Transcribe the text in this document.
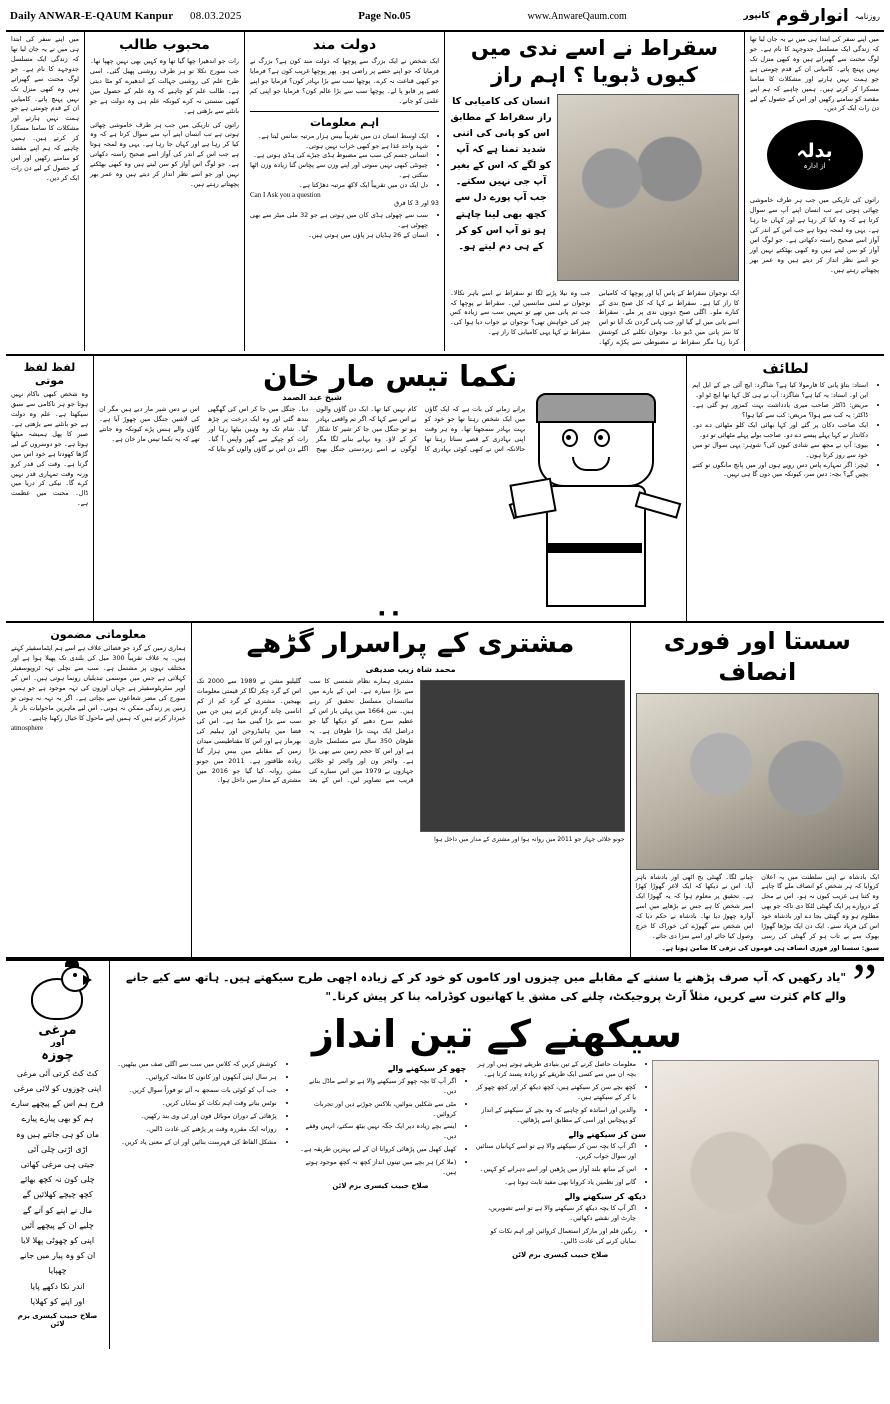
Daily ANWAR-E-QAUM Kanpur 08.03.2025	Page No.05	www.AnwareQaum.com	روزنامہ
انوارقوم
کانپور
میں اپنے سفر کی ابتدا ہی میں نے یہ جان لیا تھا کہ زندگی ایک مسلسل جدوجہد کا نام ہے۔ جو لوگ محنت سے گھبراتے ہیں وہ کبھی منزل تک نہیں پہنچ پاتے۔ کامیابی ان کے قدم چومتی ہے جو ہمت نہیں ہارتے اور مشکلات کا سامنا مسکرا کر کرتے ہیں۔ ہمیں چاہیے کہ ہم اپنے مقصد کو سامنے رکھیں اور اس کے حصول کے لیے دن رات ایک کر دیں۔
بدلہ
از ادارہ
راتوں کی تاریکی میں جب ہر طرف خاموشی چھائی ہوتی ہے تب انسان اپنے آپ سے سوال کرتا ہے کہ وہ کیا کر رہا ہے اور کہاں جا رہا ہے۔ یہی وہ لمحہ ہوتا ہے جب اس کے اندر کی آواز اسے صحیح راستہ دکھاتی ہے۔ جو لوگ اس آواز کو سن لیتے ہیں وہ کبھی بھٹکتے نہیں اور جو اسے نظر انداز کر دیتے ہیں وہ عمر بھر پچھتاتے رہتے ہیں۔
سقراط نے اسے ندی میں کیوں ڈبویا ؟ اہم راز
انسان کی کامیابی کا راز سقراط کے مطابق اس کو پانی کی اتنی شدید تمنا ہے کہ آپ کو لگے کہ اس کے بغیر آپ جی نہیں سکتے۔ جب آپ پورے دل سے کچھ بھی لینا چاہتے ہو تو آپ اس کو کر کے ہی دم لیتے ہو۔
ایک نوجوان سقراط کے پاس آیا اور پوچھا کہ کامیابی کا راز کیا ہے۔ سقراط نے کہا کہ کل صبح ندی کے کنارے ملو۔ اگلی صبح دونوں ندی پر ملے۔ سقراط اسے پانی میں لے گیا اور جب پانی گردن تک آیا تو اس کا سر پانی میں ڈبو دیا۔ نوجوان نکلنے کی کوشش کرتا رہا مگر سقراط نے مضبوطی سے پکڑے رکھا۔ جب وہ نیلا پڑنے لگا تو سقراط نے اسے باہر نکالا۔ نوجوان نے لمبی سانسیں لیں۔ سقراط نے پوچھا کہ جب تم پانی میں تھے تو تمہیں سب سے زیادہ کس چیز کی خواہش تھی؟ نوجوان نے جواب دیا ہوا کی۔ سقراط نے کہا یہی کامیابی کا راز ہے۔
دولت مند
ایک شخص نے ایک بزرگ سے پوچھا کہ دولت مند کون ہے؟ بزرگ نے فرمایا کہ جو اپنے حصے پر راضی ہو۔ پھر پوچھا غریب کون ہے؟ فرمایا جو کبھی قناعت نہ کرے۔ پوچھا سب سے بڑا بہادر کون؟ فرمایا جو اپنے غصے پر قابو پا لے۔ پوچھا سب سے بڑا عالم کون؟ فرمایا جو اپنی کم علمی کو جانے۔
اہم معلومات
• ایک اوسط انسان دن میں تقریباً بیس ہزار مرتبہ سانس لیتا ہے۔
• شہد واحد غذا ہے جو کبھی خراب نہیں ہوتی۔
• انسانی جسم کی سب سے مضبوط ہڈی جبڑے کی ہڈی ہوتی ہے۔
• چیونٹی کبھی نہیں سوتی اور اپنے وزن سے پچاس گنا زیادہ وزن اٹھا سکتی ہے۔
• دل ایک دن میں تقریباً ایک لاکھ مرتبہ دھڑکتا ہے۔
Can I Ask you a question
93 اور 3 کا فرق
• سب سے چھوٹی ہڈی کان میں ہوتی ہے جو 32 ملی میٹر سے بھی چھوٹی ہے۔
• انسان کے 26 ہڈیاں ہر پاؤں میں ہوتی ہیں۔
محبوب طالب
رات جو اندھیرا چھا گیا تھا وہ کہیں بھی نہیں چھپا تھا۔ جب سورج نکلا تو ہر طرف روشنی پھیل گئی۔ اسی طرح علم کی روشنی جہالت کے اندھیرے کو مٹا دیتی ہے۔ طالب علم کو چاہیے کہ وہ علم کے حصول میں کبھی سستی نہ کرے کیونکہ علم ہی وہ دولت ہے جو بانٹنے سے بڑھتی ہے۔
راتوں کی تاریکی میں جب ہر طرف خاموشی چھائی ہوتی ہے تب انسان اپنے آپ سے سوال کرتا ہے کہ وہ کیا کر رہا ہے اور کہاں جا رہا ہے۔ یہی وہ لمحہ ہوتا ہے جب اس کے اندر کی آواز اسے صحیح راستہ دکھاتی ہے۔ جو لوگ اس آواز کو سن لیتے ہیں وہ کبھی بھٹکتے نہیں اور جو اسے نظر انداز کر دیتے ہیں وہ عمر بھر پچھتاتے رہتے ہیں۔
میں اپنے سفر کی ابتدا ہی میں نے یہ جان لیا تھا کہ زندگی ایک مسلسل جدوجہد کا نام ہے۔ جو لوگ محنت سے گھبراتے ہیں وہ کبھی منزل تک نہیں پہنچ پاتے۔ کامیابی ان کے قدم چومتی ہے جو ہمت نہیں ہارتے اور مشکلات کا سامنا مسکرا کر کرتے ہیں۔ ہمیں چاہیے کہ ہم اپنے مقصد کو سامنے رکھیں اور اس کے حصول کے لیے دن رات ایک کر دیں۔
لطائف
• استاد: بتاؤ پانی کا فارمولا کیا ہے؟ شاگرد: ایچ آئی جے کے ایل ایم این او۔ استاد: یہ کیا ہے؟ شاگرد: آپ نے ہی کل کہا تھا ایچ ٹو او۔
• مریض: ڈاکٹر صاحب میری یادداشت بہت کمزور ہو گئی ہے۔ ڈاکٹر: یہ کب سے ہوا؟ مریض: کب سے کیا ہوا؟
• ایک صاحب دکان پر گئے اور کہا بھائی ایک کلو مٹھائی دے دو۔ دکاندار نے کہا پہلے پیسے دے دو۔ صاحب بولے پہلے مٹھائی تو دو۔
• بیوی: آپ نے مجھ سے شادی کیوں کی؟ شوہر: یہی سوال تو میں خود سے روز کرتا ہوں۔
• ٹیچر: اگر تمہارے پاس دس روپے ہوں اور میں پانچ مانگوں تو کتنے بچیں گے؟ بچہ: دس سر، کیونکہ میں دوں گا ہی نہیں۔
نکما تیس مار خان
شیخ عبد الصمد
پرانے زمانے کی بات ہے کہ ایک گاؤں میں ایک شخص رہتا تھا جو خود کو بہت بہادر سمجھتا تھا۔ وہ ہر وقت اپنی بہادری کے قصے سناتا رہتا تھا حالانکہ اس نے کبھی کوئی بہادری کا کام نہیں کیا تھا۔ ایک دن گاؤں والوں نے اس سے کہا کہ اگر تم واقعی بہادر ہو تو جنگل میں جا کر شیر کا شکار کر کے لاؤ۔ وہ بہانے بنانے لگا مگر لوگوں نے اسے زبردستی جنگل بھیج دیا۔ جنگل میں جا کر اس کی گھگھی بندھ گئی اور وہ ایک درخت پر چڑھ گیا۔ شام تک وہ وہیں بیٹھا رہا اور رات کو چپکے سے گھر واپس آ گیا۔ اگلے دن اس نے گاؤں والوں کو بتایا کہ اس نے دس شیر مار دیے ہیں مگر ان کی لاشیں جنگل میں چھوڑ آیا ہے۔ گاؤں والے ہنس پڑے کیونکہ وہ جانتے تھے کہ یہ نکما تیس مار خان ہے۔
■ ■
لفظ لفظ موتی
وہ شخص کبھی ناکام نہیں ہوتا جو ہر ناکامی سے سبق سیکھتا ہے۔ علم وہ دولت ہے جو بانٹنے سے بڑھتی ہے۔ صبر کا پھل ہمیشہ میٹھا ہوتا ہے۔ جو دوسروں کے لیے گڑھا کھودتا ہے خود اس میں گرتا ہے۔ وقت کی قدر کرو ورنہ وقت تمہاری قدر نہیں کرے گا۔ نیکی کر دریا میں ڈال۔ محنت میں عظمت ہے۔
سستا اور فوری انصاف
ایک بادشاہ نے اپنی سلطنت میں یہ اعلان کروایا کہ ہر شخص کو انصاف ملے گا چاہے وہ کتنا ہی غریب کیوں نہ ہو۔ اس نے محل کے دروازے پر ایک گھنٹی لٹکا دی تاکہ جو بھی مظلوم ہو وہ گھنٹی بجا دے اور بادشاہ خود اس کی فریاد سنے۔ ایک دن ایک بوڑھا گھوڑا بھوک سے بے تاب ہو کر گھنٹی کی رسی چبانے لگا۔ گھنٹی بج اٹھی اور بادشاہ باہر آیا۔ اس نے دیکھا کہ ایک لاغر گھوڑا کھڑا ہے۔ تحقیق پر معلوم ہوا کہ یہ گھوڑا ایک امیر شخص کا ہے جس نے بڑھاپے میں اسے آوارہ چھوڑ دیا تھا۔ بادشاہ نے حکم دیا کہ اس شخص سے گھوڑے کی خوراک کا خرچ وصول کیا جائے اور اسے سزا دی جائے۔
سبق: سستا اور فوری انصاف ہی قوموں کی ترقی کا ضامن ہوتا ہے۔
مشتری کے پراسرار گڑھے
محمد شاہ زیب صدیقی
جونو خلائی جہاز جو 2011 میں روانہ ہوا اور مشتری کے مدار میں داخل ہوا
مشتری ہمارے نظام شمسی کا سب سے بڑا سیارہ ہے۔ اس کے بارے میں سائنسدان مسلسل تحقیق کر رہے ہیں۔ سن 1664 میں پہلی بار اس کے عظیم سرخ دھبے کو دیکھا گیا جو دراصل ایک بہت بڑا طوفان ہے۔ یہ طوفان 350 سال سے مسلسل جاری ہے اور اس کا حجم زمین سے بھی بڑا ہے۔ وائجر ون اور وائجر ٹو خلائی جہازوں نے 1979 میں اس سیارے کی قریب سے تصاویر لیں۔ اس کے بعد گلیلیو مشن نے 1989 سے 2000 تک اس کے گرد چکر لگا کر قیمتی معلومات بھیجیں۔ مشتری کے گرد کم از کم اناسی چاند گردش کرتے ہیں جن میں سب سے بڑا گینی میڈ ہے۔ اس کی فضا میں ہائیڈروجن اور ہیلیم کی بھرمار ہے اور اس کا مقناطیسی میدان زمین کے مقابلے میں بیس ہزار گنا زیادہ طاقتور ہے۔ 2011 میں جونو مشن روانہ کیا گیا جو 2016 میں مشتری کے مدار میں داخل ہوا۔
معلوماتی مضمون
ہماری زمین کے گرد جو فضائی غلاف ہے اسے ہم ایٹماسفیئر کہتے ہیں۔ یہ غلاف تقریباً 300 میل کی بلندی تک پھیلا ہوا ہے اور مختلف تہوں پر مشتمل ہے۔ سب سے نچلی تہہ ٹروپوسفیئر کہلاتی ہے جس میں موسمی تبدیلیاں رونما ہوتی ہیں۔ اس کے اوپر سٹریٹوسفیئر ہے جہاں اوزون کی تہہ موجود ہے جو ہمیں سورج کی مضر شعاعوں سے بچاتی ہے۔ اگر یہ تہہ نہ ہوتی تو زمین پر زندگی ممکن نہ ہوتی۔ اس لیے ماہرین ماحولیات بار بار خبردار کرتے ہیں کہ ہمیں اپنے ماحول کا خیال رکھنا چاہیے۔
atmosphere
”
"یاد رکھیں کہ آپ صرف پڑھنے یا سننے کے مقابلے میں چیزوں اور کاموں کو خود کر کے زیادہ اچھی طرح سیکھتے ہیں۔ ہاتھ سے کیے جانے والے کام کثرت سے کریں، مثلاً آرٹ پروجیکٹ، چلنے کی مشق یا کھانیوں کوڈرامہ بنا کر پیش کرنا۔"
سیکھنے کے تین انداز
• معلومات حاصل کرنے کے تین بنیادی طریقے ہوتے ہیں اور ہر بچہ ان میں سے کسی ایک طریقے کو زیادہ پسند کرتا ہے۔
• کچھ بچے سن کر سیکھتے ہیں، کچھ دیکھ کر اور کچھ چھو کر یا کر کے سیکھتے ہیں۔
• والدین اور اساتذہ کو چاہیے کہ وہ بچے کے سیکھنے کے انداز کو پہچانیں اور اسی کے مطابق اسے پڑھائیں۔
سن کر سیکھنے والے
• اگر آپ کا بچہ سن کر سیکھنے والا ہے تو اسے کہانیاں سنائیں اور سوال جواب کریں۔
• اس کے ساتھ بلند آواز میں پڑھیں اور اسے دہرانے کو کہیں۔
• گانے اور نظمیں یاد کروانا بھی مفید ثابت ہوتا ہے۔
دیکھ کر سیکھنے والے
• اگر آپ کا بچہ دیکھ کر سیکھنے والا ہے تو اسے تصویریں، چارٹ اور نقشے دکھائیں۔
• رنگین قلم اور مارکر استعمال کروائیں اور اہم نکات کو نمایاں کرنے کی عادت ڈالیں۔
صلاح حبیب کیسری بزم لائن
چھو کر سیکھنے والے
• اگر آپ کا بچہ چھو کر سیکھنے والا ہے تو اسے ماڈل بنانے دیں۔
• مٹی سے شکلیں بنوائیں، بلاکس جوڑنے دیں اور تجربات کروائیں۔
• ایسے بچے زیادہ دیر ایک جگہ نہیں بیٹھ سکتے، انہیں وقفے دیں۔
• کھیل کھیل میں پڑھائی کروانا ان کے لیے بہترین طریقہ ہے۔
• (ملا کر) ہر بچے میں تینوں انداز کچھ نہ کچھ موجود ہوتے ہیں۔
صلاح حبیب کیسری بزم لائن
• کوشش کریں کہ کلاس میں سب سے اگلی صف میں بیٹھیں۔
• ہر سال اپنی آنکھوں اور کانوں کا معائنہ کروائیں۔
• جب آپ کو کوئی بات سمجھ نہ آئے تو فوراً سوال کریں۔
• نوٹس بناتے وقت اہم نکات کو نمایاں کریں۔
• پڑھائی کے دوران موبائل فون اور ٹی وی بند رکھیں۔
• روزانہ ایک مقررہ وقت پر پڑھنے کی عادت ڈالیں۔
• مشکل الفاظ کی فہرست بنائیں اور ان کے معنی یاد کریں۔
مرغی
اور
چوزہ
کٹ کٹ کرتی آئی مرغی
اپنی چوزوں کو لائی مرغی
فرخ ہم اس کے پیچھے سارے
ہم کو بھی پیارے پیارے
ماں کو ہی جانتے ہیں وہ
اڑی اڑتی چلی آئی
جیتی ہی مرغی کھاتی
چلی کون نہ کچھ بھائے
کچھ چیچے کھلائیں گے
مال نے اپنے کو آتے گے
چلیے ان کے پیچھے آئیں
اپنی کو چھوٹی پھلا لایا
ان کو وہ پیار میں جانے چھپایا
اندر نکا دکھے پایا
اور اپنے کو کھلایا
صلاح حبیب کیسری بزم لائن
